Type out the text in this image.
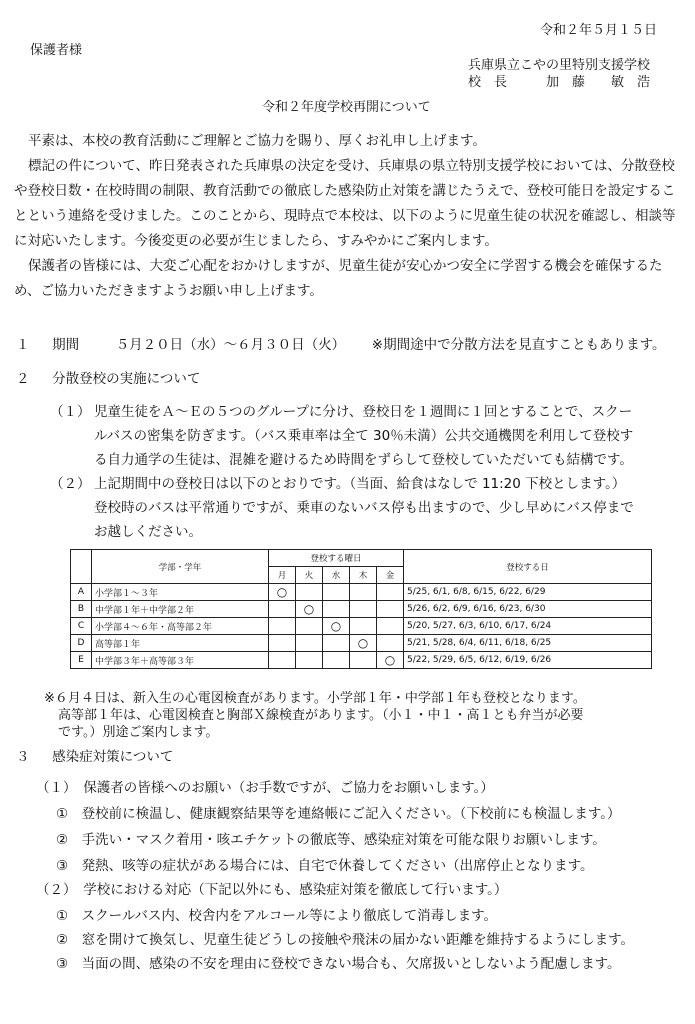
令和２年５月１５日
保護者様
兵庫県立こやの里特別支援学校
校　長　　　加　藤　　敏　浩
令和２年度学校再開について

平素は、本校の教育活動にご理解とご協力を賜り、厚くお礼申し上げます。

標記の件について、昨日発表された兵庫県の決定を受け、兵庫県の県立特別支援学校においては、分散登校や登校日数・在校時間の制限、教育活動での徹底した感染防止対策を講じたうえで、登校可能日を設定することという連絡を受けました。このことから、現時点で本校は、以下のように児童生徒の状況を確認し、相談等に対応いたします。今後変更の必要が生じましたら、すみやかにご案内します。

保護者の皆様には、大変ご心配をおかけしますが、児童生徒が安心かつ安全に学習する機会を確保するため、ご協力いただきますようお願い申し上げます。

１ 期間	５月２０日（水）～６月３０日（火） ※期間途中で分散方法を見直すこともあります。
２ 分散登校の実施について
（１） 児童生徒をＡ～Ｅの５つのグループに分け、登校日を１週間に１回とすることで、スクー
ルバスの密集を防ぎます。（バス乗車率は全て 30％未満）公共交通機関を利用して登校す
る自力通学の生徒は、混雑を避けるため時間をずらして登校していただいても結構です。
（２） 上記期間中の登校日は以下のとおりです。（当面、給食はなしで 11:20 下校とします。）
登校時のバスは平常通りですが、乗車のないバス停も出ますので、少し早めにバス停まで
お越しください。
	学部・学年	登校する曜日					登校する日
		月	火	水	木	金	
A	小学部１～３年	○					5/25, 6/1, 6/8, 6/15, 6/22, 6/29
B	中学部１年＋中学部２年		○				5/26, 6/2, 6/9, 6/16, 6/23, 6/30
C	小学部４～６年・高等部２年			○			5/20, 5/27, 6/3, 6/10, 6/17, 6/24
D	高等部１年				○		5/21, 5/28, 6/4, 6/11, 6/18, 6/25
E	中学部３年＋高等部３年					○	5/22, 5/29, 6/5, 6/12, 6/19, 6/26
※６月４日は、新入生の心電図検査があります。小学部１年・中学部１年も登校となります。
高等部１年は、心電図検査と胸部Ｘ線検査があります。（小１・中１・高１とも弁当が必要
です。）別途ご案内します。
３ 感染症対策について
（１）　保護者の皆様へのお願い（お手数ですが、ご協力をお願いします。）
①　登校前に検温し、健康観察結果等を連絡帳にご記入ください。（下校前にも検温します。）
②　手洗い・マスク着用・咳エチケットの徹底等、感染症対策を可能な限りお願いします。
③　発熱、咳等の症状がある場合には、自宅で休養してください（出席停止となります。
（２）　学校における対応（下記以外にも、感染症対策を徹底して行います。）
①　スクールバス内、校舎内をアルコール等により徹底して消毒します。
②　窓を開けて換気し、児童生徒どうしの接触や飛沫の届かない距離を維持するようにします。
③　当面の間、感染の不安を理由に登校できない場合も、欠席扱いとしないよう配慮します。
